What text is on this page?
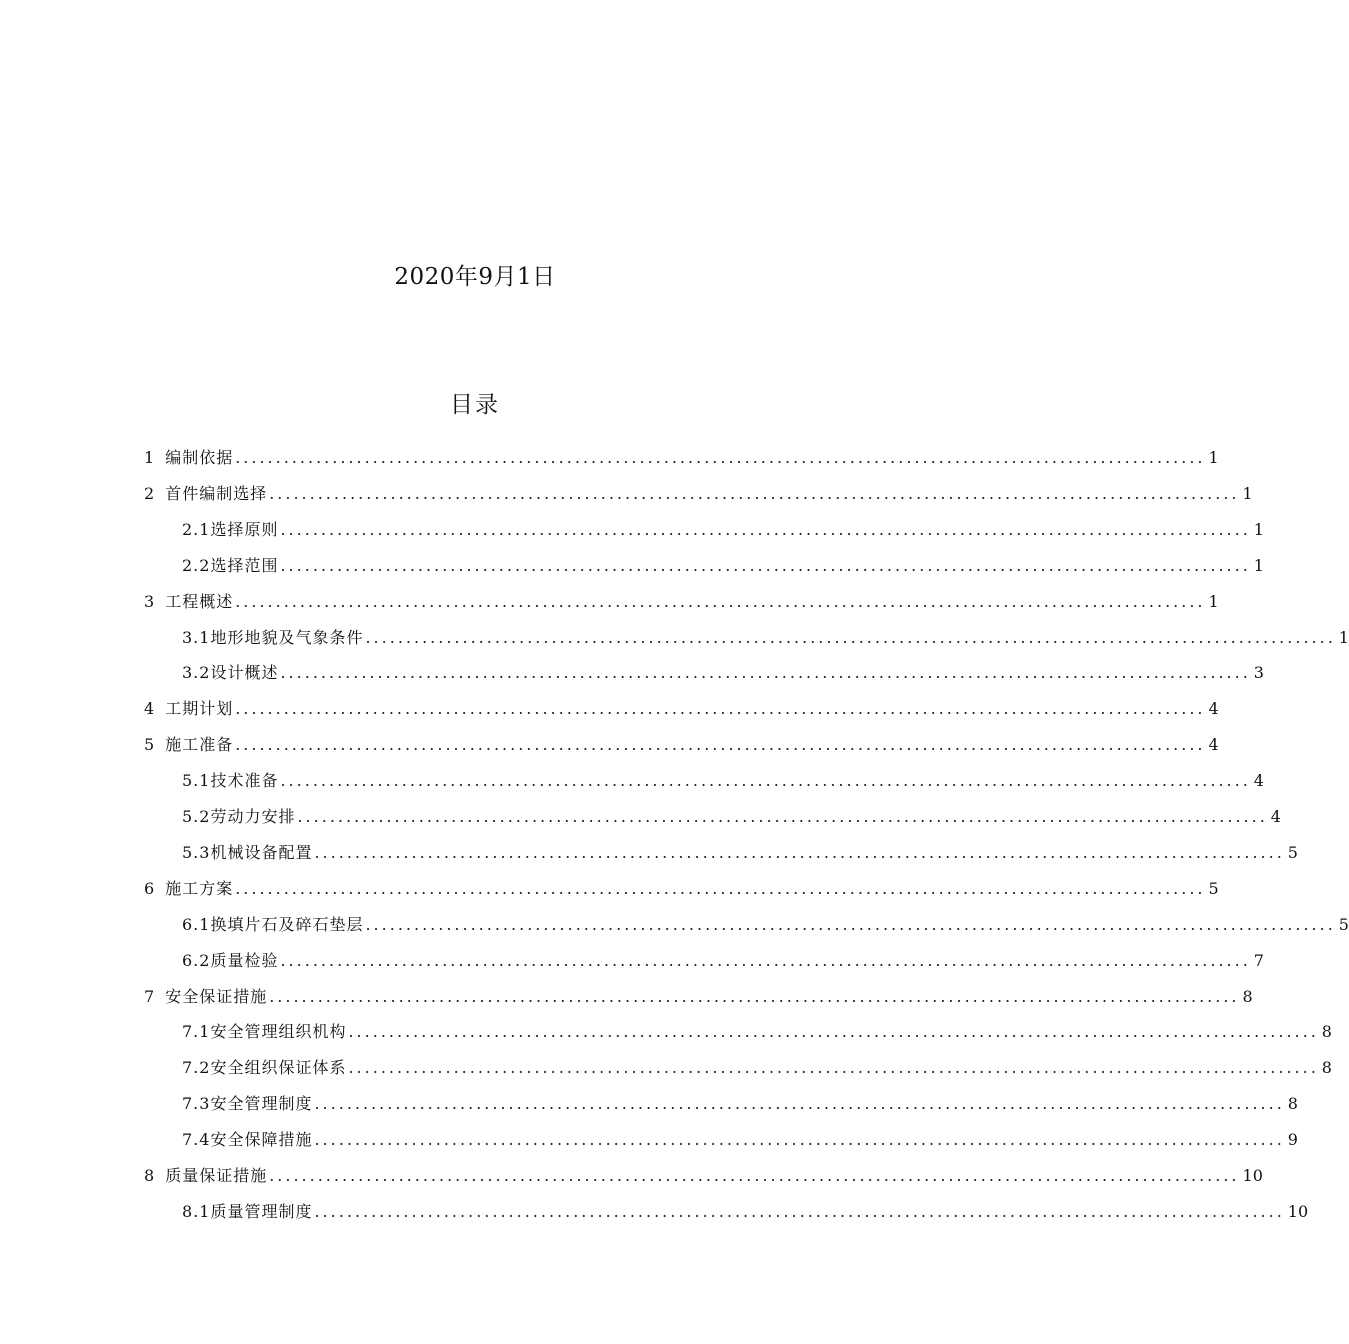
2020年9月1日
目录
1 编制依据 ........................................................................................................................ 1
2 首件编制选择 ........................................................................................................................ 1
2.1 选择原则 ........................................................................................................................ 1
2.2 选择范围 ........................................................................................................................ 1
3 工程概述 ........................................................................................................................ 1
3.1 地形地貌及气象条件 ........................................................................................................................ 1
3.2 设计概述 ........................................................................................................................ 3
4 工期计划 ........................................................................................................................ 4
5 施工准备 ........................................................................................................................ 4
5.1 技术准备 ........................................................................................................................ 4
5.2 劳动力安排 ........................................................................................................................ 4
5.3 机械设备配置 ........................................................................................................................ 5
6 施工方案 ........................................................................................................................ 5
6.1 换填片石及碎石垫层 ........................................................................................................................ 5
6.2 质量检验 ........................................................................................................................ 7
7 安全保证措施 ........................................................................................................................ 8
7.1 安全管理组织机构 ........................................................................................................................ 8
7.2 安全组织保证体系 ........................................................................................................................ 8
7.3 安全管理制度 ........................................................................................................................ 8
7.4 安全保障措施 ........................................................................................................................ 9
8 质量保证措施 ........................................................................................................................ 10
8.1 质量管理制度 ........................................................................................................................ 10
